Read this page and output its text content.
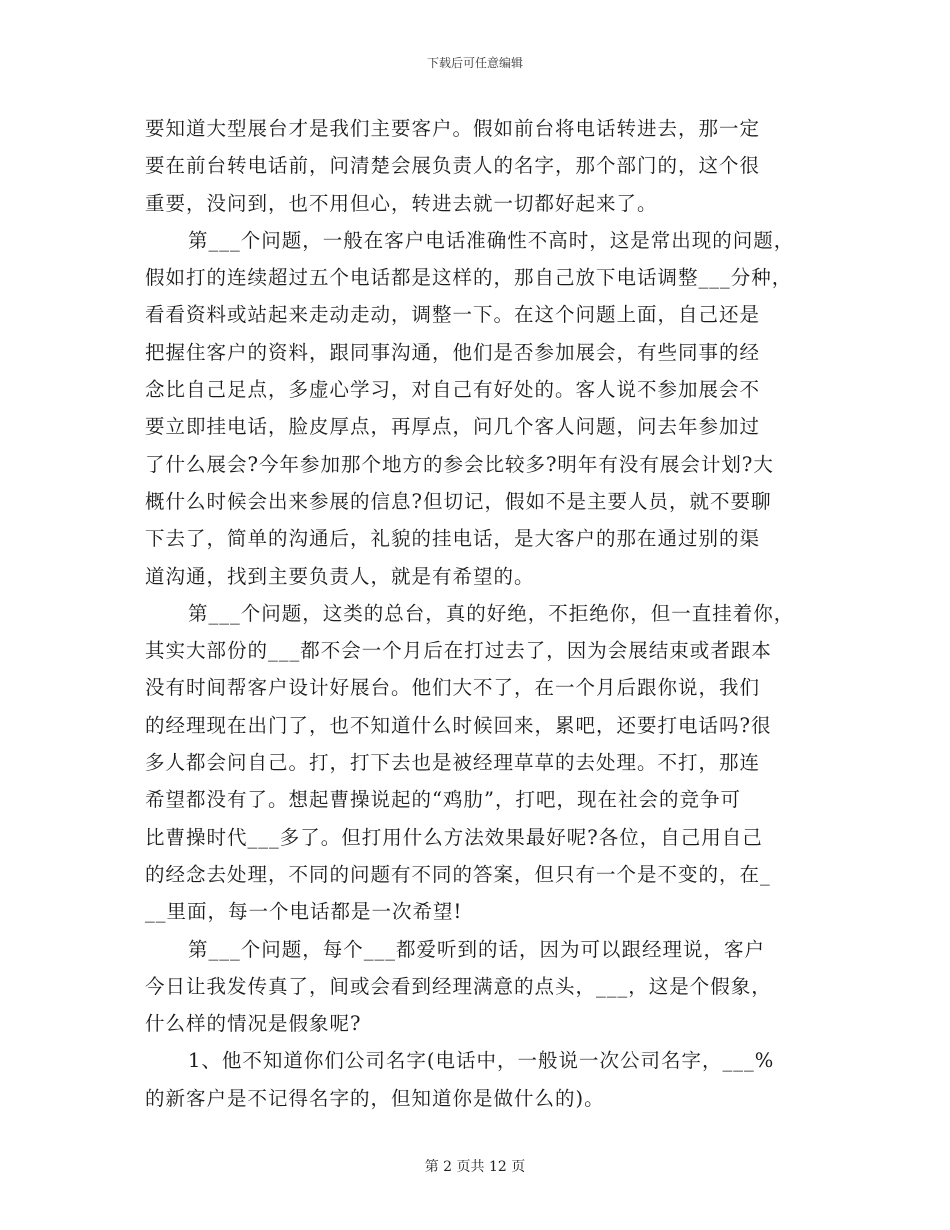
下载后可任意编辑
要知道大型展台才是我们主要客户。假如前台将电话转进去，那一定
要在前台转电话前，问清楚会展负责人的名字，那个部门的，这个很
重要，没问到，也不用但心，转进去就一切都好起来了。
第___个问题，一般在客户电话准确性不高时，这是常出现的问题，
假如打的连续超过五个电话都是这样的，那自己放下电话调整___分种，
看看资料或站起来走动走动，调整一下。在这个问题上面，自己还是
把握住客户的资料，跟同事沟通，他们是否参加展会，有些同事的经
念比自己足点，多虚心学习，对自己有好处的。客人说不参加展会不
要立即挂电话，脸皮厚点，再厚点，问几个客人问题，问去年参加过
了什么展会?今年参加那个地方的参会比较多?明年有没有展会计划?大
概什么时候会出来参展的信息?但切记，假如不是主要人员，就不要聊
下去了，简单的沟通后，礼貌的挂电话，是大客户的那在通过别的渠
道沟通，找到主要负责人，就是有希望的。
第___个问题，这类的总台，真的好绝，不拒绝你，但一直挂着你，
其实大部份的___都不会一个月后在打过去了，因为会展结束或者跟本
没有时间帮客户设计好展台。他们大不了，在一个月后跟你说，我们
的经理现在出门了，也不知道什么时候回来，累吧，还要打电话吗?很
多人都会问自己。打，打下去也是被经理草草的去处理。不打，那连
希望都没有了。想起曹操说起的“鸡肋”，打吧，现在社会的竞争可
比曹操时代___多了。但打用什么方法效果最好呢?各位，自己用自己
的经念去处理，不同的问题有不同的答案，但只有一个是不变的，在_
__里面，每一个电话都是一次希望!
第___个问题，每个___都爱听到的话，因为可以跟经理说，客户
今日让我发传真了，间或会看到经理满意的点头，___，这是个假象，
什么样的情况是假象呢?
1、他不知道你们公司名字(电话中，一般说一次公司名字，___%
的新客户是不记得名字的，但知道你是做什么的)。
第 2 页共 12 页
